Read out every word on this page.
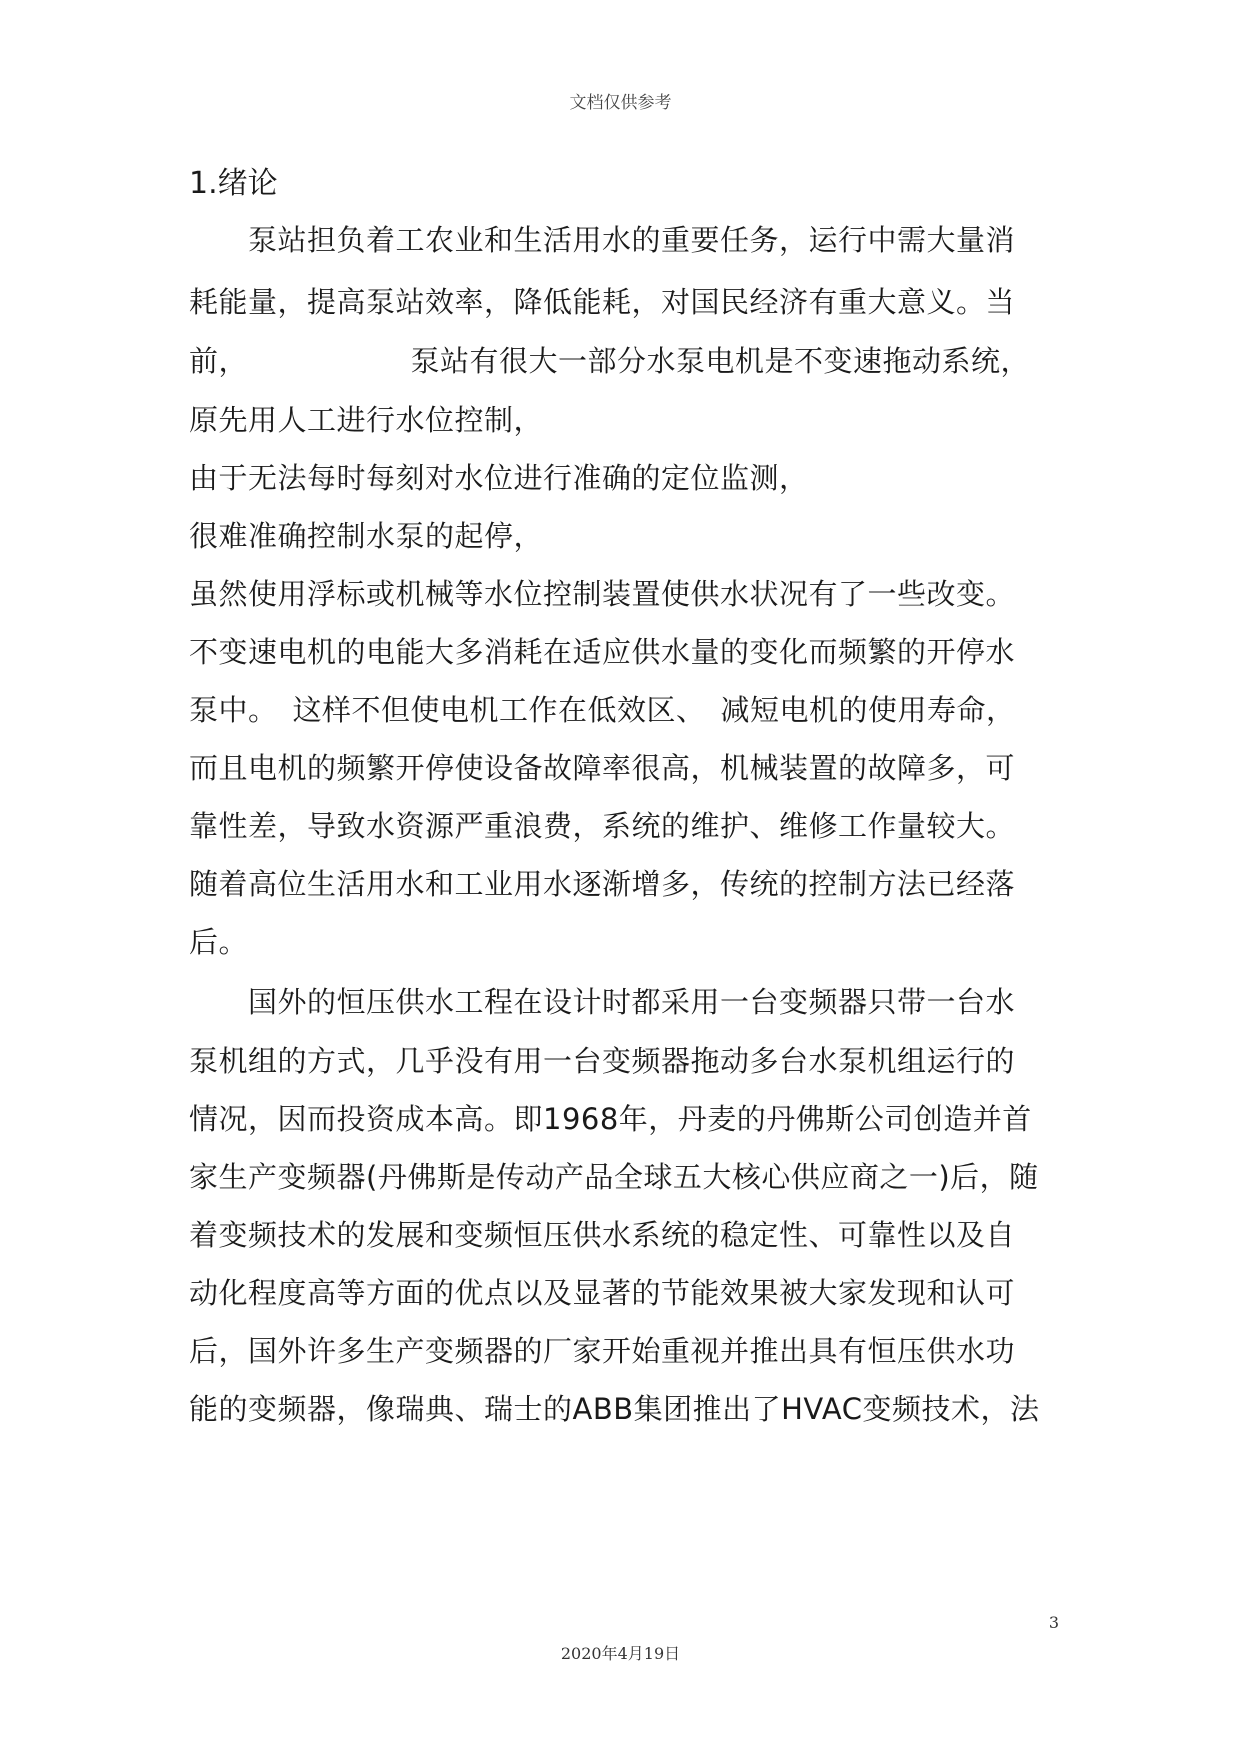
文档仅供参考
1.绪论
　　泵站担负着工农业和生活用水的重要任务，运行中需大量消
耗能量，提高泵站效率，降低能耗，对国民经济有重大意义。当
前，　　　　　　泵站有很大一部分水泵电机是不变速拖动系统，
原先用人工进行水位控制，
由于无法每时每刻对水位进行准确的定位监测，
很难准确控制水泵的起停，
虽然使用浮标或机械等水位控制装置使供水状况有了一些改变。
不变速电机的电能大多消耗在适应供水量的变化而频繁的开停水
泵中。　这样不但使电机工作在低效区、　减短电机的使用寿命，
而且电机的频繁开停使设备故障率很高，机械装置的故障多，可
靠性差，导致水资源严重浪费，系统的维护、维修工作量较大。
随着高位生活用水和工业用水逐渐增多，传统的控制方法已经落
后。
　　国外的恒压供水工程在设计时都采用一台变频器只带一台水
泵机组的方式，几乎没有用一台变频器拖动多台水泵机组运行的
情况，因而投资成本高。即1968年，丹麦的丹佛斯公司创造并首
家生产变频器(丹佛斯是传动产品全球五大核心供应商之一)后，随
着变频技术的发展和变频恒压供水系统的稳定性、可靠性以及自
动化程度高等方面的优点以及显著的节能效果被大家发现和认可
后，国外许多生产变频器的厂家开始重视并推出具有恒压供水功
能的变频器，像瑞典、瑞士的ABB集团推出了HVAC变频技术，法
3
2020年4月19日
